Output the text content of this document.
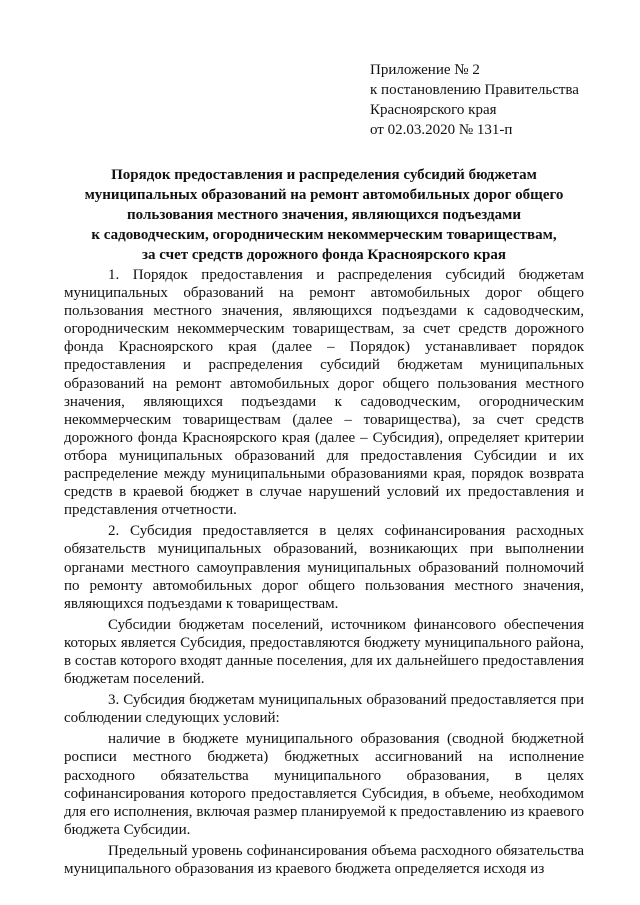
Приложение № 2
к постановлению Правительства
Красноярского края
от 02.03.2020 № 131-п
Порядок предоставления и распределения субсидий бюджетам
муниципальных образований на ремонт автомобильных дорог общего
пользования местного значения, являющихся подъездами
к садоводческим, огородническим некоммерческим товариществам,
за счет средств дорожного фонда Красноярского края

1. Порядок предоставления и распределения субсидий бюджетам муниципальных образований на ремонт автомобильных дорог общего пользования местного значения, являющихся подъездами к садоводческим, огородническим некоммерческим товариществам, за счет средств дорожного фонда Красноярского края (далее – Порядок) устанавливает порядок предоставления и распределения субсидий бюджетам муниципальных образований на ремонт автомобильных дорог общего пользования местного значения, являющихся подъездами к садоводческим, огородническим некоммерческим товариществам (далее – товарищества), за счет средств дорожного фонда Красноярского края (далее – Субсидия), определяет критерии отбора муниципальных образований для предоставления Субсидии и их распределение между муниципальными образованиями края, порядок возврата средств в краевой бюджет в случае нарушений условий их предоставления и представления отчетности.

2. Субсидия предоставляется в целях софинансирования расходных обязательств муниципальных образований, возникающих при выполнении органами местного самоуправления муниципальных образований полномочий по ремонту автомобильных дорог общего пользования местного значения, являющихся подъездами к товариществам.

Субсидии бюджетам поселений, источником финансового обеспечения которых является Субсидия, предоставляются бюджету муниципального района, в состав которого входят данные поселения, для их дальнейшего предоставления бюджетам поселений.

3. Субсидия бюджетам муниципальных образований предоставляется при соблюдении следующих условий:

наличие в бюджете муниципального образования (сводной бюджетной росписи местного бюджета) бюджетных ассигнований на исполнение расходного обязательства муниципального образования, в целях софинансирования которого предоставляется Субсидия, в объеме, необходимом для его исполнения, включая размер планируемой к предоставлению из краевого бюджета Субсидии.

Предельный уровень софинансирования объема расходного обязательства муниципального образования из краевого бюджета определяется исходя из
